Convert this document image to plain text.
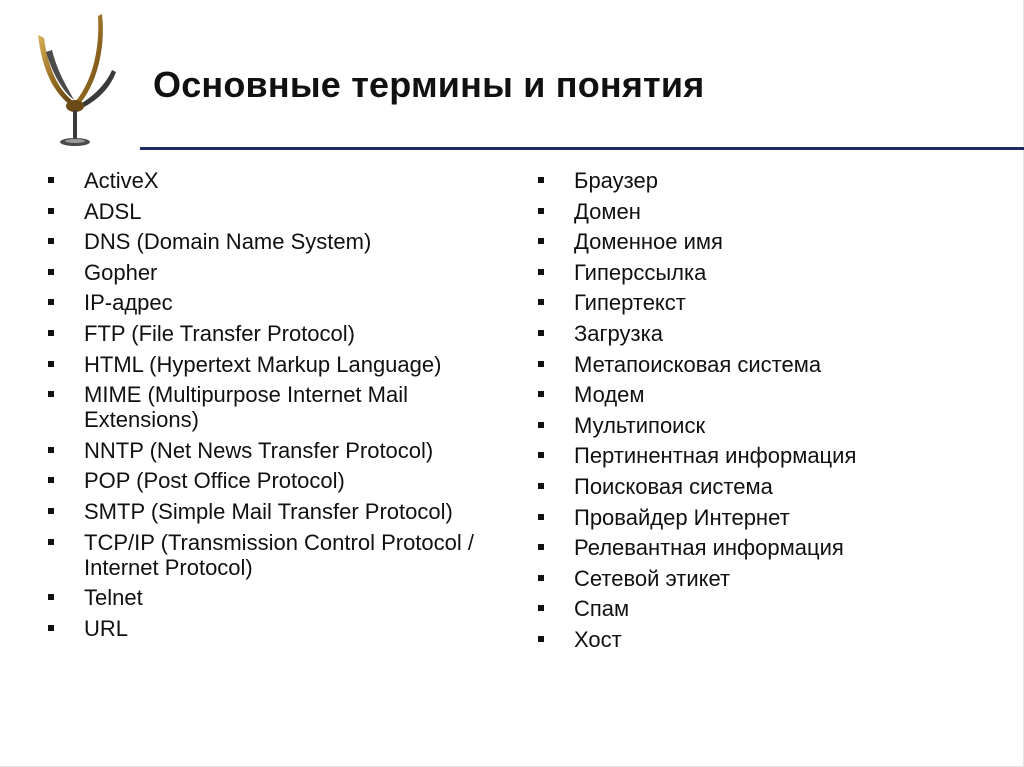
Основные термины и понятия
ActiveX
ADSL
DNS (Domain Name System)
Gopher
IP-адрес
FTP (File Transfer Protocol)
HTML (Hypertext Markup Language)
MIME (Multipurpose Internet Mail Extensions)
NNTP (Net News Transfer Protocol)
POP (Post Office Protocol)
SMTP (Simple Mail Transfer Protocol)
TCP/IP (Transmission Control Protocol / Internet Protocol)
Telnet
URL
Браузер
Домен
Доменное имя
Гиперссылка
Гипертекст
Загрузка
Метапоисковая система
Модем
Мультипоиск
Пертинентная информация
Поисковая система
Провайдер Интернет
Релевантная информация
Сетевой этикет
Спам
Хост
